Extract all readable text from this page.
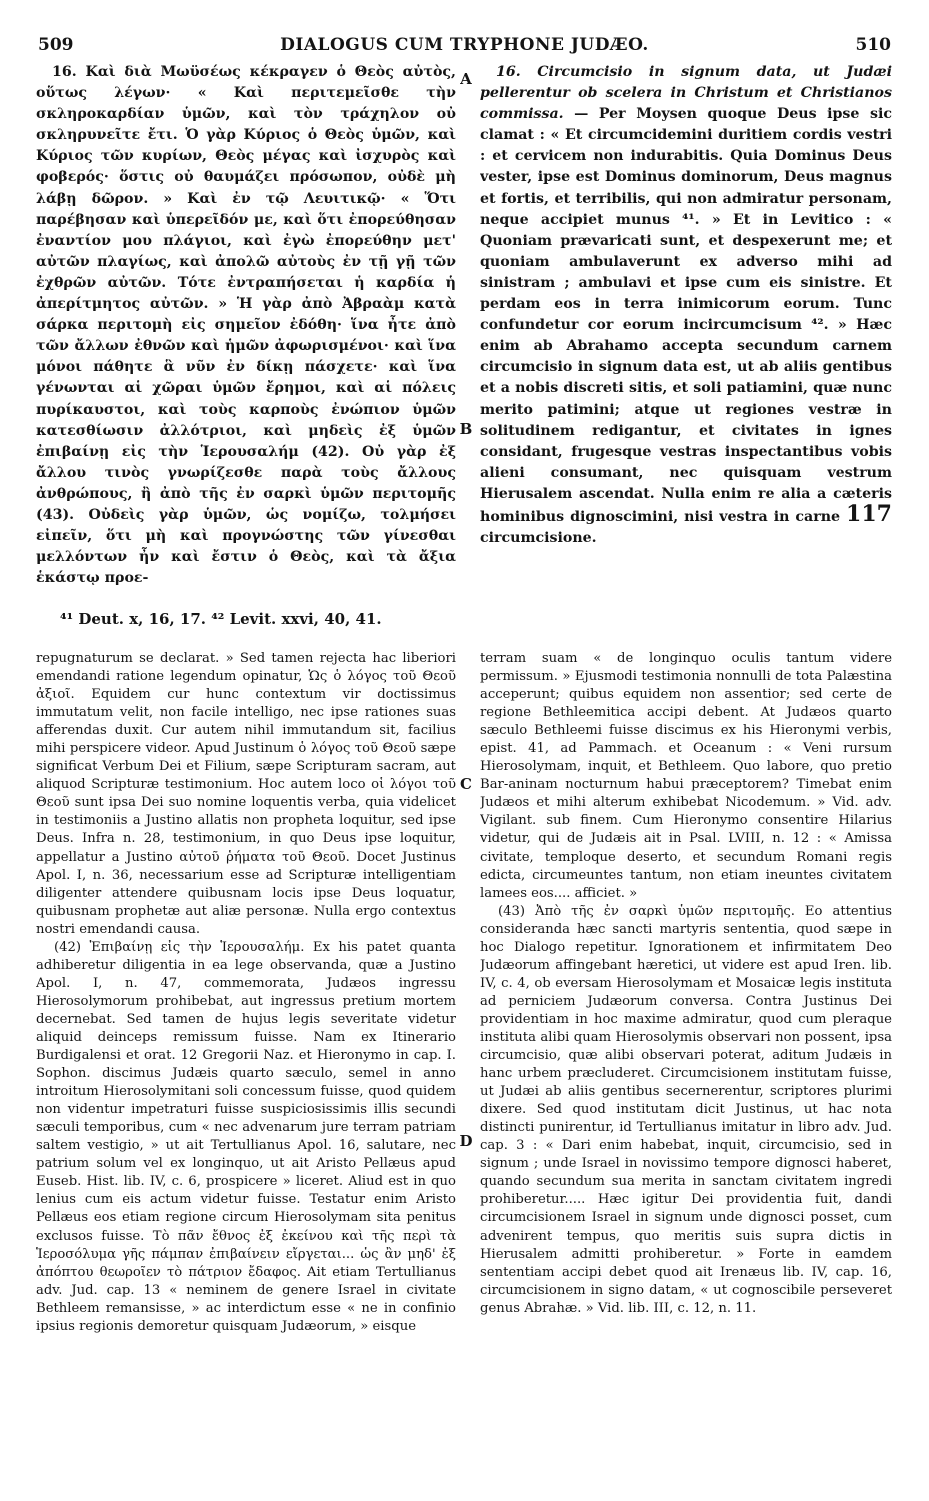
509	DIALOGUS CUM TRYPHONE JUDÆO.	510

16. Καὶ διὰ Μωϋσέως κέκραγεν ὁ Θεὸς αὐτὸς, οὕτως λέγων· « Καὶ περιτεμεῖσθε τὴν σκληροκαρδίαν ὑμῶν, καὶ τὸν τράχηλον οὐ σκληρυνεῖτε ἔτι. Ὁ γὰρ Κύριος ὁ Θεὸς ὑμῶν, καὶ Κύριος τῶν κυρίων, Θεὸς μέγας καὶ ἰσχυρὸς καὶ φοβερός· ὅστις οὐ θαυμάζει πρόσωπον, οὐδὲ μὴ λάβῃ δῶρον. » Καὶ ἐν τῷ Λευιτικῷ· « Ὅτι παρέβησαν καὶ ὑπερεῖδόν με, καὶ ὅτι ἐπορεύθησαν ἐναντίον μου πλάγιοι, καὶ ἐγὼ ἐπορεύθην μετ' αὐτῶν πλαγίως, καὶ ἀπολῶ αὐτοὺς ἐν τῇ γῇ τῶν ἐχθρῶν αὐτῶν. Τότε ἐντραπήσεται ἡ καρδία ἡ ἀπερίτμητος αὐτῶν. » Ἡ γὰρ ἀπὸ Ἀβραὰμ κατὰ σάρκα περιτομὴ εἰς σημεῖον ἐδόθη· ἵνα ἦτε ἀπὸ τῶν ἄλλων ἐθνῶν καὶ ἡμῶν ἀφωρισμένοι· καὶ ἵνα μόνοι πάθητε ἃ νῦν ἐν δίκῃ πάσχετε· καὶ ἵνα γένωνται αἱ χῶραι ὑμῶν ἔρημοι, καὶ αἱ πόλεις πυρίκαυστοι, καὶ τοὺς καρποὺς ἐνώπιον ὑμῶν κατεσθίωσιν ἀλλότριοι, καὶ μηδεὶς ἐξ ὑμῶν ἐπιβαίνῃ εἰς τὴν Ἱερουσαλήμ (42). Οὐ γὰρ ἐξ ἄλλου τινὸς γνωρίζεσθε παρὰ τοὺς ἄλλους ἀνθρώπους, ἢ ἀπὸ τῆς ἐν σαρκὶ ὑμῶν περιτομῆς (43). Οὐδεὶς γὰρ ὑμῶν, ὡς νομίζω, τολμήσει εἰπεῖν, ὅτι μὴ καὶ προγνώστης τῶν γίνεσθαι μελλόντων ἦν καὶ ἔστιν ὁ Θεὸς, καὶ τὰ ἄξια ἑκάστῳ προε-

16. Circumcisio in signum data, ut Judæi pellerentur ob scelera in Christum et Christianos commissa. — Per Moysen quoque Deus ipse sic clamat : « Et circumcidemini duritiem cordis vestri : et cervicem non indurabitis. Quia Dominus Deus vester, ipse est Dominus dominorum, Deus magnus et fortis, et terribilis, qui non admiratur personam, neque accipiet munus ⁴¹. » Et in Levitico : « Quoniam prævaricati sunt, et despexerunt me; et quoniam ambulaverunt ex adverso mihi ad sinistram ; ambulavi et ipse cum eis sinistre. Et perdam eos in terra inimicorum eorum. Tunc confundetur cor eorum incircumcisum ⁴². » Hæc enim ab Abrahamo accepta secundum carnem circumcisio in signum data est, ut ab aliis gentibus et a nobis discreti sitis, et soli patiamini, quæ nunc merito patimini; atque ut regiones vestræ in solitudinem redigantur, et civitates in ignes considant, frugesque vestras inspectantibus vobis alieni consumant, nec quisquam vestrum Hierusalem ascendat. Nulla enim re alia a cæteris hominibus dignoscimini, nisi vestra in carne 117 circumcisione.

A
B
C
D
⁴¹ Deut. x, 16, 17. ⁴² Levit. xxvi, 40, 41.

repugnaturum se declarat. » Sed tamen rejecta hac liberiori emendandi ratione legendum opinatur, Ὡς ὁ λόγος τοῦ Θεοῦ ἀξιοῖ. Equidem cur hunc contextum vir doctissimus immutatum velit, non facile intelligo, nec ipse rationes suas afferendas duxit. Cur autem nihil immutandum sit, facilius mihi perspicere videor. Apud Justinum ὁ λόγος τοῦ Θεοῦ sæpe significat Verbum Dei et Filium, sæpe Scripturam sacram, aut aliquod Scripturæ testimonium. Hoc autem loco οἱ λόγοι τοῦ Θεοῦ sunt ipsa Dei suo nomine loquentis verba, quia videlicet in testimoniis a Justino allatis non propheta loquitur, sed ipse Deus. Infra n. 28, testimonium, in quo Deus ipse loquitur, appellatur a Justino αὐτοῦ ῥήματα τοῦ Θεοῦ. Docet Justinus Apol. I, n. 36, necessarium esse ad Scripturæ intelligentiam diligenter attendere quibusnam locis ipse Deus loquatur, quibusnam prophetæ aut aliæ personæ. Nulla ergo contextus nostri emendandi causa.

(42) Ἐπιβαίνῃ εἰς τὴν Ἱερουσαλήμ. Ex his patet quanta adhiberetur diligentia in ea lege observanda, quæ a Justino Apol. I, n. 47, commemorata, Judæos ingressu Hierosolymorum prohibebat, aut ingressus pretium mortem decernebat. Sed tamen de hujus legis severitate videtur aliquid deinceps remissum fuisse. Nam ex Itinerario Burdigalensi et orat. 12 Gregorii Naz. et Hieronymo in cap. I. Sophon. discimus Judæis quarto sæculo, semel in anno introitum Hierosolymitani soli concessum fuisse, quod quidem non videntur impetraturi fuisse suspiciosissimis illis secundi sæculi temporibus, cum « nec advenarum jure terram patriam saltem vestigio, » ut ait Tertullianus Apol. 16, salutare, nec patrium solum vel ex longinquo, ut ait Aristo Pellæus apud Euseb. Hist. lib. IV, c. 6, prospicere » liceret. Aliud est in quo lenius cum eis actum videtur fuisse. Testatur enim Aristo Pellæus eos etiam regione circum Hierosolymam sita penitus exclusos fuisse. Τὸ πᾶν ἔθνος ἐξ ἐκείνου καὶ τῆς περὶ τὰ Ἱεροσόλυμα γῆς πάμπαν ἐπιβαίνειν εἴργεται... ὡς ἂν μηδ' ἐξ ἀπόπτου θεωροῖεν τὸ πάτριον ἔδαφος. Ait etiam Tertullianus adv. Jud. cap. 13 « neminem de genere Israel in civitate Bethleem remansisse, » ac interdictum esse « ne in confinio ipsius regionis demoretur quisquam Judæorum, » eisque

terram suam « de longinquo oculis tantum videre permissum. » Ejusmodi testimonia nonnulli de tota Palæstina acceperunt; quibus equidem non assentior; sed certe de regione Bethleemitica accipi debent. At Judæos quarto sæculo Bethleemi fuisse discimus ex his Hieronymi verbis, epist. 41, ad Pammach. et Oceanum : « Veni rursum Hierosolymam, inquit, et Bethleem. Quo labore, quo pretio Bar-aninam nocturnum habui præceptorem? Timebat enim Judæos et mihi alterum exhibebat Nicodemum. » Vid. adv. Vigilant. sub finem. Cum Hieronymo consentire Hilarius videtur, qui de Judæis ait in Psal. LVIII, n. 12 : « Amissa civitate, temploque deserto, et secundum Romani regis edicta, circumeuntes tantum, non etiam ineuntes civitatem lamees eos.... afficiet. »

(43) Ἀπὸ τῆς ἐν σαρκὶ ὑμῶν περιτομῆς. Eo attentius consideranda hæc sancti martyris sententia, quod sæpe in hoc Dialogo repetitur. Ignorationem et infirmitatem Deo Judæorum affingebant hæretici, ut videre est apud Iren. lib. IV, c. 4, ob eversam Hierosolymam et Mosaicæ legis instituta ad perniciem Judæorum conversa. Contra Justinus Dei providentiam in hoc maxime admiratur, quod cum pleraque instituta alibi quam Hierosolymis observari non possent, ipsa circumcisio, quæ alibi observari poterat, aditum Judæis in hanc urbem præcluderet. Circumcisionem institutam fuisse, ut Judæi ab aliis gentibus secernerentur, scriptores plurimi dixere. Sed quod institutam dicit Justinus, ut hac nota distincti punirentur, id Tertullianus imitatur in libro adv. Jud. cap. 3 : « Dari enim habebat, inquit, circumcisio, sed in signum ; unde Israel in novissimo tempore dignosci haberet, quando secundum sua merita in sanctam civitatem ingredi prohiberetur..... Hæc igitur Dei providentia fuit, dandi circumcisionem Israel in signum unde dignosci posset, cum advenirent tempus, quo meritis suis supra dictis in Hierusalem admitti prohiberetur. » Forte in eamdem sententiam accipi debet quod ait Irenæus lib. IV, cap. 16, circumcisionem in signo datam, « ut cognoscibile perseveret genus Abrahæ. » Vid. lib. III, c. 12, n. 11.
